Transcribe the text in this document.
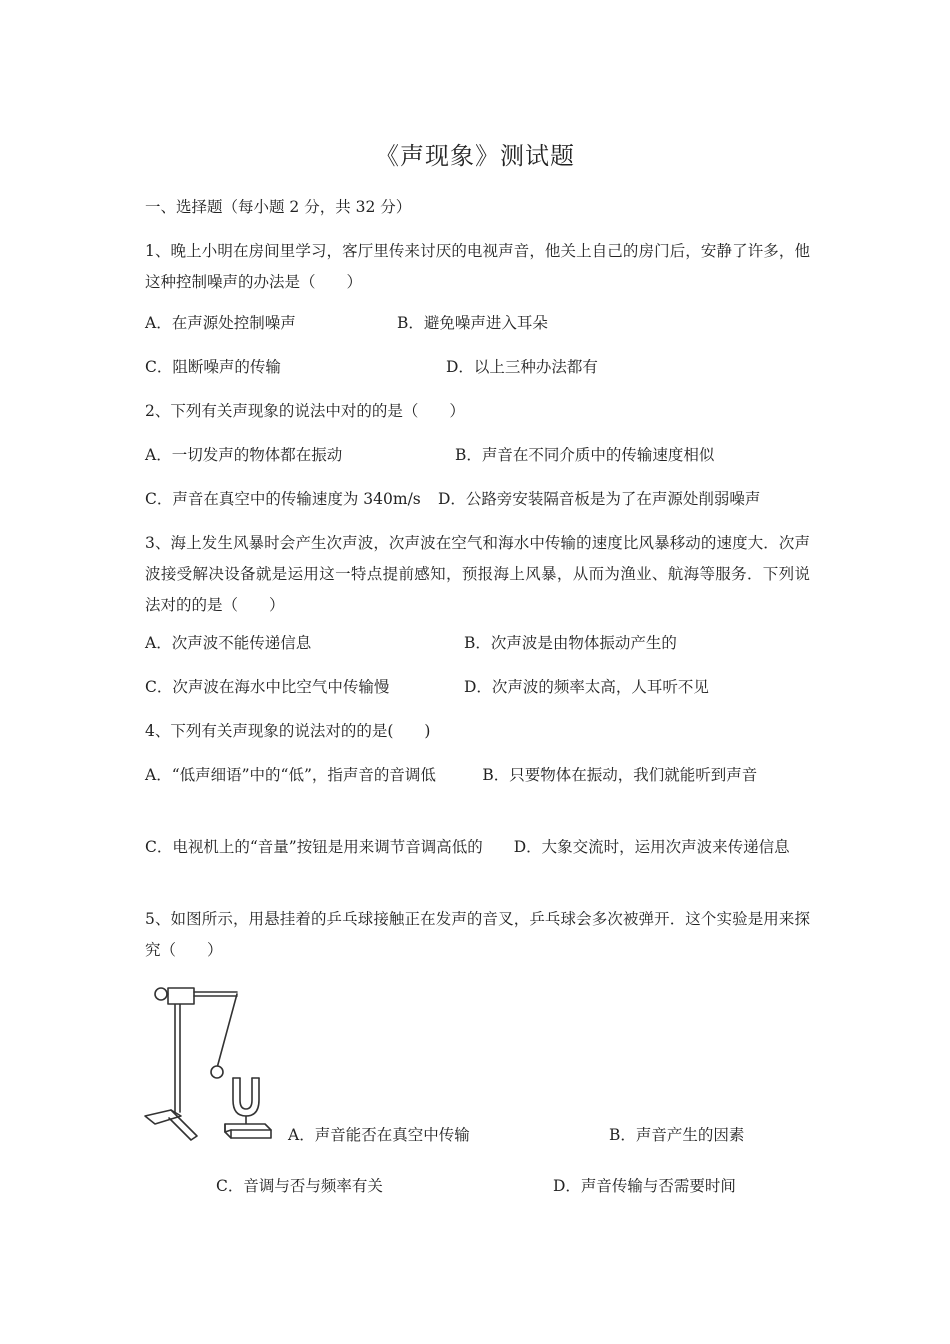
《声现象》测试题
一、选择题（每小题 2 分，共 32 分）
1、晚上小明在房间里学习，客厅里传来讨厌的电视声音，他关上自己的房门后，安静了许多，他这种控制噪声的办法是（　　）
A．在声源处控制噪声	B．避免噪声进入耳朵
C．阻断噪声的传输	D．以上三种办法都有
2、下列有关声现象的说法中对的的是（　　）
A．一切发声的物体都在振动	B．声音在不同介质中的传输速度相似
C．声音在真空中的传输速度为 340m/s D．公路旁安装隔音板是为了在声源处削弱噪声
3、海上发生风暴时会产生次声波，次声波在空气和海水中传输的速度比风暴移动的速度大．次声波接受解决设备就是运用这一特点提前感知，预报海上风暴，从而为渔业、航海等服务．下列说法对的的是（　　）
A．次声波不能传递信息	B．次声波是由物体振动产生的
C．次声波在海水中比空气中传输慢	D．次声波的频率太高，人耳听不见
4、下列有关声现象的说法对的的是(　　)
A．“低声细语”中的“低”，指声音的音调低　　　B．只要物体在振动，我们就能听到声音
C．电视机上的“音量”按钮是用来调节音调高低的　　D．大象交流时，运用次声波来传递信息
5、如图所示，用悬挂着的乒乓球接触正在发声的音叉，乒乓球会多次被弹开．这个实验是用来探究（　　）
A．声音能否在真空中传输	B．声音产生的因素
C．音调与否与频率有关	D．声音传输与否需要时间
